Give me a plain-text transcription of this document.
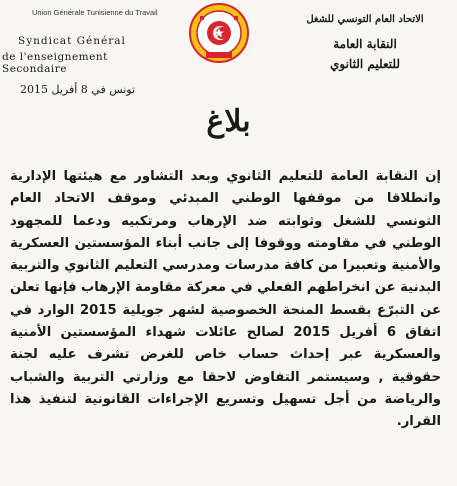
Union Générale Tunisienne du Travail
Syndicat Général
de l'enseignement Secondaire
تونس في 8 أفريل 2015
الاتحاد العام التونسي للشغل
النقابة العامة
للتعليم الثانوي
بلاغ

إن النقابة العامة للتعليم الثانوي وبعد التشاور مع هيئتها الإدارية وانطلاقا من موقفها الوطني المبدئي وموقف الاتحاد العام التونسي للشغل وثوابته ضد الإرهاب ومرتكبيه ودعما للمجهود الوطني في مقاومته ووقوفا إلى جانب أبناء المؤسستين العسكرية والأمنية وتعبيرا من كافة مدرسات ومدرسي التعليم الثانوي والتربية البدنية عن انخراطهم الفعلي في معركة مقاومة الإرهاب فإنها تعلن عن التبرّع بقسط المنحة الخصوصية لشهر جويلية 2015 الوارد في اتفاق 6 أفريل 2015 لصالح عائلات شهداء المؤسستين الأمنية والعسكرية عبر إحداث حساب خاص للغرض تشرف عليه لجنة حقوقية , وسيستمر التفاوض لاحقا مع وزارتي التربية والشباب والرياضة من أجل تسهيل وتسريع الإجراءات القانونية لتنفيذ هذا القرار.
